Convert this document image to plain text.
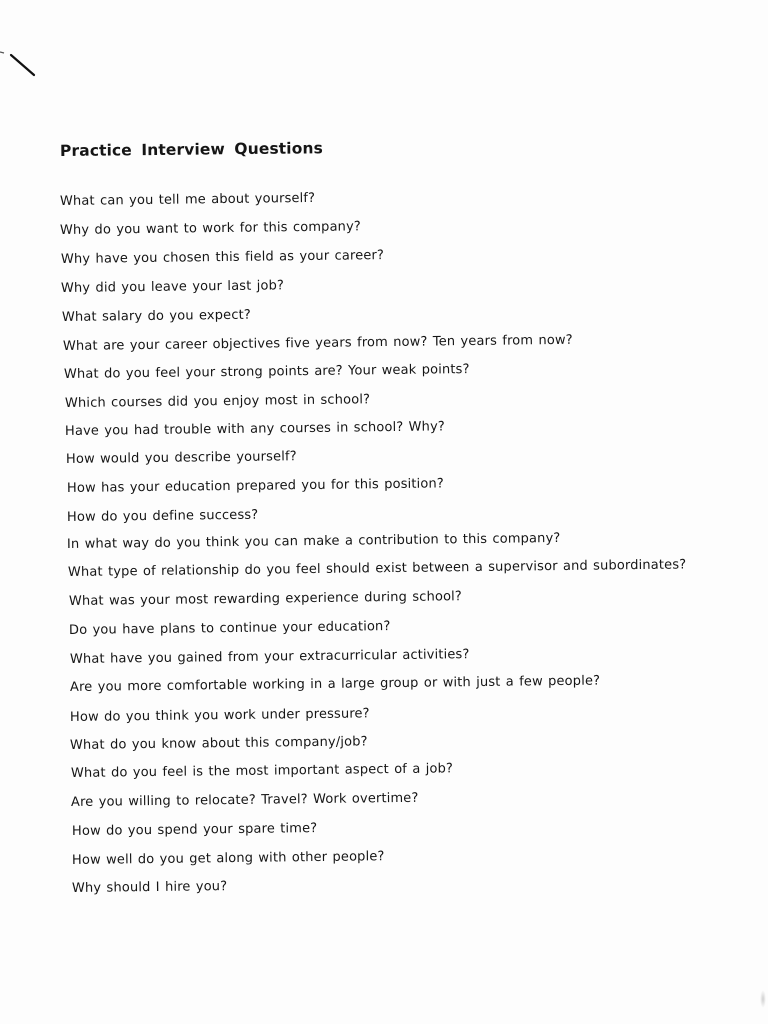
Practice Interview Questions
What can you tell me about yourself?
Why do you want to work for this company?
Why have you chosen this field as your career?
Why did you leave your last job?
What salary do you expect?
What are your career objectives five years from now? Ten years from now?
What do you feel your strong points are? Your weak points?
Which courses did you enjoy most in school?
Have you had trouble with any courses in school? Why?
How would you describe yourself?
How has your education prepared you for this position?
How do you define success?
In what way do you think you can make a contribution to this company?
What type of relationship do you feel should exist between a supervisor and subordinates?
What was your most rewarding experience during school?
Do you have plans to continue your education?
What have you gained from your extracurricular activities?
Are you more comfortable working in a large group or with just a few people?
How do you think you work under pressure?
What do you know about this company/job?
What do you feel is the most important aspect of a job?
Are you willing to relocate? Travel? Work overtime?
How do you spend your spare time?
How well do you get along with other people?
Why should I hire you?
